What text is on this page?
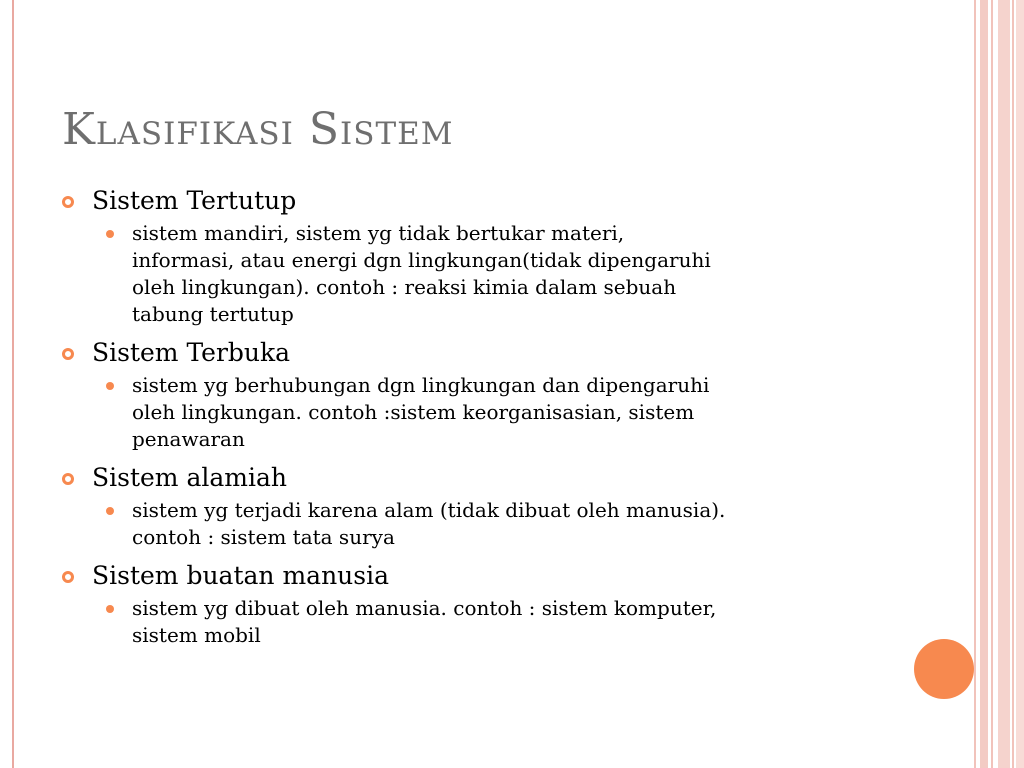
Klasifikasi Sistem
Sistem Tertutup
sistem mandiri, sistem yg tidak bertukar materi,
informasi, atau energi dgn lingkungan(tidak dipengaruhi
oleh lingkungan). contoh : reaksi kimia dalam sebuah
tabung tertutup
Sistem Terbuka
sistem yg berhubungan dgn lingkungan dan dipengaruhi
oleh lingkungan. contoh :sistem keorganisasian, sistem
penawaran
Sistem alamiah
sistem yg terjadi karena alam (tidak dibuat oleh manusia).
contoh : sistem tata surya
Sistem buatan manusia
sistem yg dibuat oleh manusia. contoh : sistem komputer,
sistem mobil
